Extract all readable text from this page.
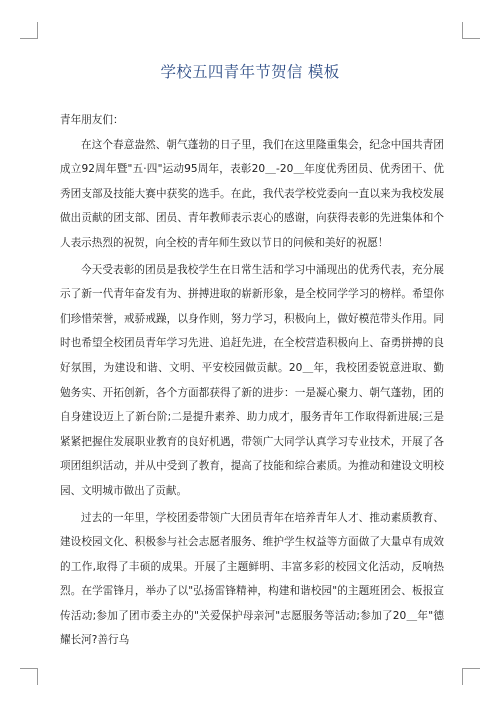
学校五四青年节贺信 模板

青年朋友们：

在这个春意盎然、朝气蓬勃的日子里，我们在这里隆重集会，纪念中国共青团成立92周年暨"五·四"运动95周年，表彰20＿-20＿年度优秀团员、优秀团干、优秀团支部及技能大赛中获奖的选手。在此，我代表学校党委向一直以来为我校发展做出贡献的团支部、团员、青年教师表示衷心的感谢，向获得表彰的先进集体和个人表示热烈的祝贺，向全校的青年师生致以节日的问候和美好的祝愿！

今天受表彰的团员是我校学生在日常生活和学习中涌现出的优秀代表，充分展示了新一代青年奋发有为、拼搏进取的崭新形象，是全校同学学习的榜样。希望你们珍惜荣誉，戒骄戒躁，以身作则，努力学习，积极向上，做好模范带头作用。同时也希望全校团员青年学习先进、追赶先进，在全校营造积极向上、奋勇拼搏的良好氛围，为建设和谐、文明、平安校园做贡献。20＿年，我校团委锐意进取、勤勉务实、开拓创新，各个方面都获得了新的进步：一是凝心聚力、朝气蓬勃，团的自身建设迈上了新台阶;二是提升素养、助力成才，服务青年工作取得新进展;三是紧紧把握住发展职业教育的良好机遇，带领广大同学认真学习专业技术，开展了各项团组织活动，并从中受到了教育，提高了技能和综合素质。为推动和建设文明校园、文明城市做出了贡献。

过去的一年里，学校团委带领广大团员青年在培养青年人才、推动素质教育、建设校园文化、积极参与社会志愿者服务、维护学生权益等方面做了大量卓有成效的工作,取得了丰硕的成果。开展了主题鲜明、丰富多彩的校园文化活动，反响热烈。在学雷锋月，举办了以"弘扬雷锋精神，构建和谐校园"的主题班团会、板报宣传活动;参加了团市委主办的"关爱保护母亲河"志愿服务等活动;参加了20＿年"德耀长河?善行乌
